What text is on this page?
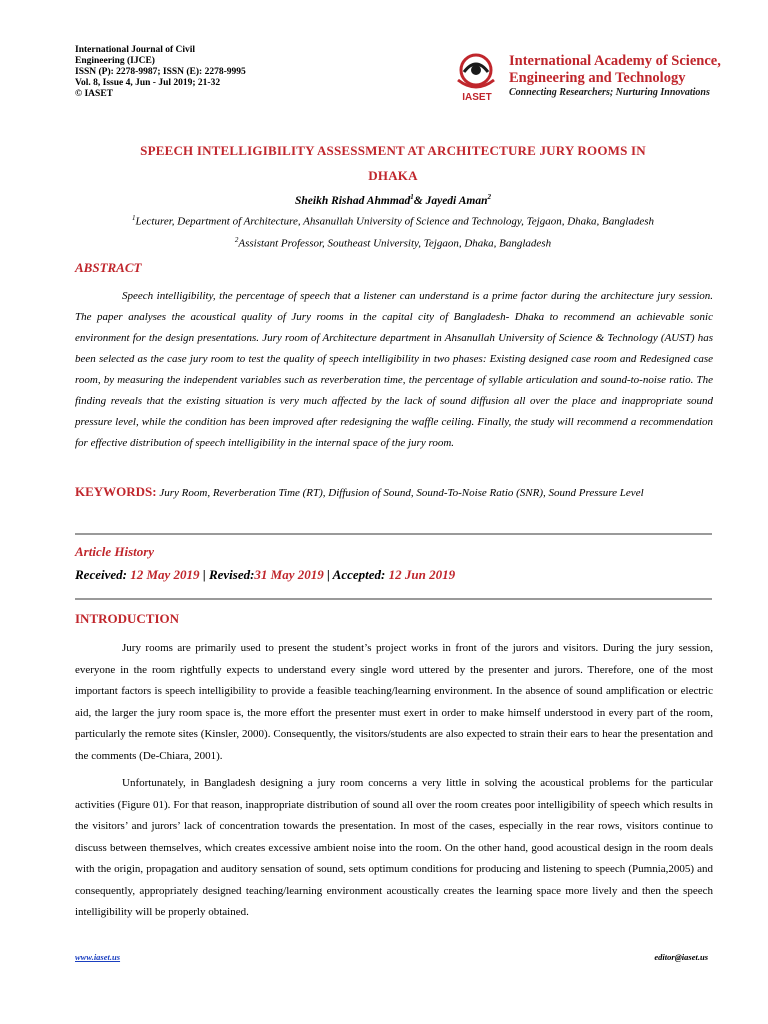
International Journal of Civil
Engineering (IJCE)
ISSN (P): 2278-9987; ISSN (E): 2278-9995
Vol. 8, Issue 4, Jun - Jul 2019; 21-32
© IASET	IASET
International Academy of Science,
Engineering and Technology
Connecting Researchers; Nurturing Innovations
SPEECH INTELLIGIBILITY ASSESSMENT AT ARCHITECTURE JURY ROOMS IN
DHAKA
Sheikh Rishad Ahmmad$^1$& Jayedi Aman$^2$
$^1$Lecturer, Department of Architecture, Ahsanullah University of Science and Technology, Tejgaon, Dhaka, Bangladesh
$^2$Assistant Professor, Southeast University, Tejgaon, Dhaka, Bangladesh
ABSTRACT

Speech intelligibility, the percentage of speech that a listener can understand is a prime factor during the architecture jury session. The paper analyses the acoustical quality of Jury rooms in the capital city of Bangladesh- Dhaka to recommend an achievable sonic environment for the design presentations. Jury room of Architecture department in Ahsanullah University of Science & Technology (AUST) has been selected as the case jury room to test the quality of speech intelligibility in two phases: Existing designed case room and Redesigned case room, by measuring the independent variables such as reverberation time, the percentage of syllable articulation and sound-to-noise ratio. The finding reveals that the existing situation is very much affected by the lack of sound diffusion all over the place and inappropriate sound pressure level, while the condition has been improved after redesigning the waffle ceiling. Finally, the study will recommend a recommendation for effective distribution of speech intelligibility in the internal space of the jury room.

KEYWORDS: Jury Room, Reverberation Time (RT), Diffusion of Sound, Sound-To-Noise Ratio (SNR), Sound Pressure Level
Article History
Received: 12 May 2019 | Revised:31 May 2019 | Accepted: 12 Jun 2019
INTRODUCTION

Jury rooms are primarily used to present the student’s project works in front of the jurors and visitors. During the jury session, everyone in the room rightfully expects to understand every single word uttered by the presenter and jurors. Therefore, one of the most important factors is speech intelligibility to provide a feasible teaching/learning environment. In the absence of sound amplification or electric aid, the larger the jury room space is, the more effort the presenter must exert in order to make himself understood in every part of the room, particularly the remote sites (Kinsler, 2000). Consequently, the visitors/students are also expected to strain their ears to hear the presentation and the comments (De-Chiara, 2001).

Unfortunately, in Bangladesh designing a jury room concerns a very little in solving the acoustical problems for the particular activities (Figure 01). For that reason, inappropriate distribution of sound all over the room creates poor intelligibility of speech which results in the visitors’ and jurors’ lack of concentration towards the presentation. In most of the cases, especially in the rear rows, visitors continue to discuss between themselves, which creates excessive ambient noise into the room. On the other hand, good acoustical design in the room deals with the origin, propagation and auditory sensation of sound, sets optimum conditions for producing and listening to speech (Pumnia,2005) and consequently, appropriately designed teaching/learning environment acoustically creates the learning space more lively and then the speech intelligibility will be properly obtained.

www.iaset.us	editor@iaset.us
